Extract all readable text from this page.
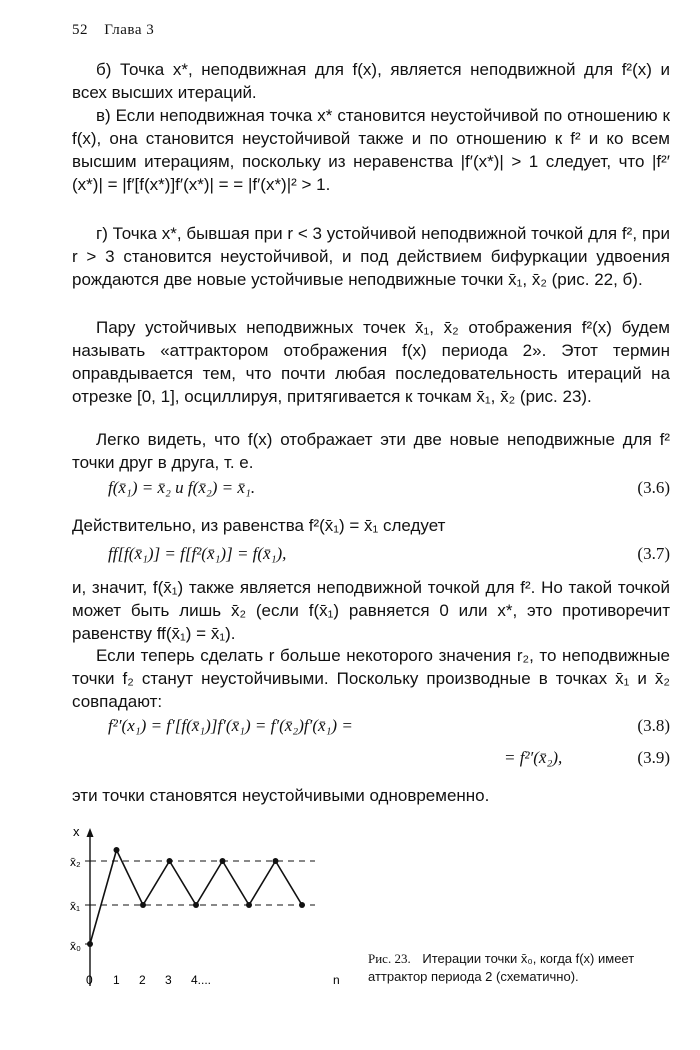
52 Глава 3
б) Точка x*, неподвижная для f(x), является неподвижной для f²(x) и всех высших итераций.
в) Если неподвижная точка x* становится неустойчивой по отношению к f(x), она становится неустойчивой также и по отношению к f² и ко всем высшим итерациям, поскольку из неравенства |f′(x*)| > 1 следует, что |f²′(x*)| = |f′[f(x*)]f′(x*)| = = |f′(x*)|² > 1.
г) Точка x*, бывшая при r < 3 устойчивой неподвижной точкой для f², при r > 3 становится неустойчивой, и под действием бифуркации удвоения рождаются две новые устойчивые неподвижные точки x̄₁, x̄₂ (рис. 22, б).
Пару устойчивых неподвижных точек x̄₁, x̄₂ отображения f²(x) будем называть «аттрактором отображения f(x) периода 2». Этот термин оправдывается тем, что почти любая последовательность итераций на отрезке [0, 1], осциллируя, притягивается к точкам x̄₁, x̄₂ (рис. 23).
Легко видеть, что f(x) отображает эти две новые неподвижные для f² точки друг в друга, т. е.
f(x̄₁) = x̄₂ и f(x̄₂) = x̄₁.	(3.6)
Действительно, из равенства f²(x̄₁) = x̄₁ следует
ff[f(x̄₁)] = f[f²(x̄₁)] = f(x̄₁),	(3.7)
и, значит, f(x̄₁) также является неподвижной точкой для f². Но такой точкой может быть лишь x̄₂ (если f(x̄₁) равняется 0 или x*, это противоречит равенству ff(x̄₁) = x̄₁).
Если теперь сделать r больше некоторого значения r₂, то неподвижные точки f₂ станут неустойчивыми. Поскольку производные в точках x̄₁ и x̄₂ совпадают:
f²′(x₁) = f′[f(x̄₁)]f′(x̄₁) = f′(x̄₂)f′(x̄₁) =	(3.8)
= f²′(x̄₂),	(3.9)
эти точки становятся неустойчивыми одновременно.
x
x̄₂
x̄₁
x̄₀
0 1 2 3 4....	n
Рис. 23. Итерации точки x̄₀, когда f(x) имеет аттрактор периода 2 (схематично).
